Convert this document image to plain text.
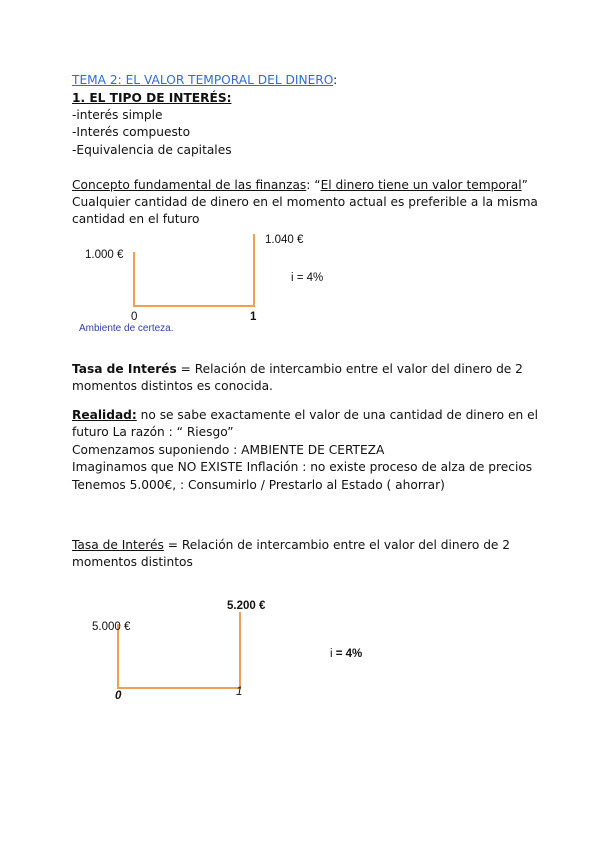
TEMA 2: EL VALOR TEMPORAL DEL DINERO:

1. EL TIPO DE INTERÉS:

-interés simple

-Interés compuesto

-Equivalencia de capitales

Concepto fundamental de las finanzas: “El dinero tiene un valor temporal”

Cualquier cantidad de dinero en el momento actual es preferible a la misma

cantidad en el futuro

1.000 €
1.040 €
i = 4%
0	1
Ambiente de certeza.

Tasa de Interés = Relación de intercambio entre el valor del dinero de 2

momentos distintos es conocida.

Realidad: no se sabe exactamente el valor de una cantidad de dinero en el

futuro La razón : “ Riesgo”

Comenzamos suponiendo : AMBIENTE DE CERTEZA

Imaginamos que NO EXISTE Inflación : no existe proceso de alza de precios

Tenemos 5.000€, : Consumirlo / Prestarlo al Estado ( ahorrar)

Tasa de Interés = Relación de intercambio entre el valor del dinero de 2

momentos distintos

5.000 €
5.200 €
i = 4%
0	1
